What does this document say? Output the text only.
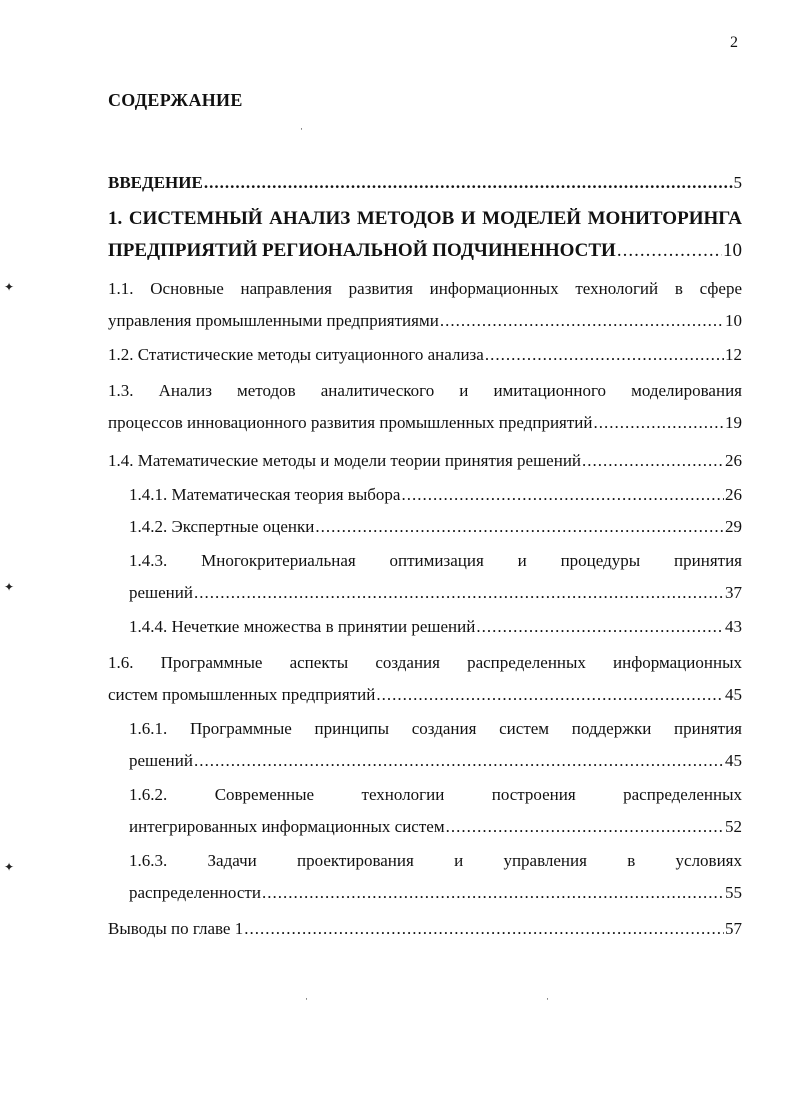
2
СОДЕРЖАНИЕ
ВВЕДЕНИЕ .....	5
1. СИСТЕМНЫЙ АНАЛИЗ МЕТОДОВ И МОДЕЛЕЙ МОНИТОРИНГА
ПРЕДПРИЯТИЙ РЕГИОНАЛЬНОЙ ПОДЧИНЕННОСТИ .....	10
1.1. Основные направления развития информационных технологий в сфере
управления промышленными предприятиями .....	10
1.2. Статистические методы ситуационного анализа .....	12
1.3. Анализ методов аналитического и имитационного моделирования
процессов инновационного развития промышленных предприятий .....	19
1.4. Математические методы и модели теории принятия решений .....	26
1.4.1. Математическая теория выбора .....	26
1.4.2. Экспертные оценки .....	29
1.4.3. Многокритериальная оптимизация и процедуры принятия
решений .....	37
1.4.4. Нечеткие множества в принятии решений .....	43
1.6. Программные аспекты создания распределенных информационных
систем промышленных предприятий .....	45
1.6.1. Программные принципы создания систем поддержки принятия
решений .....	45
1.6.2. Современные технологии построения распределенных
интегрированных информационных систем .....	52
1.6.3. Задачи проектирования и управления в условиях
распределенности .....	55
Выводы по главе 1 .....	57
✦
✦
✦
·
·	·
